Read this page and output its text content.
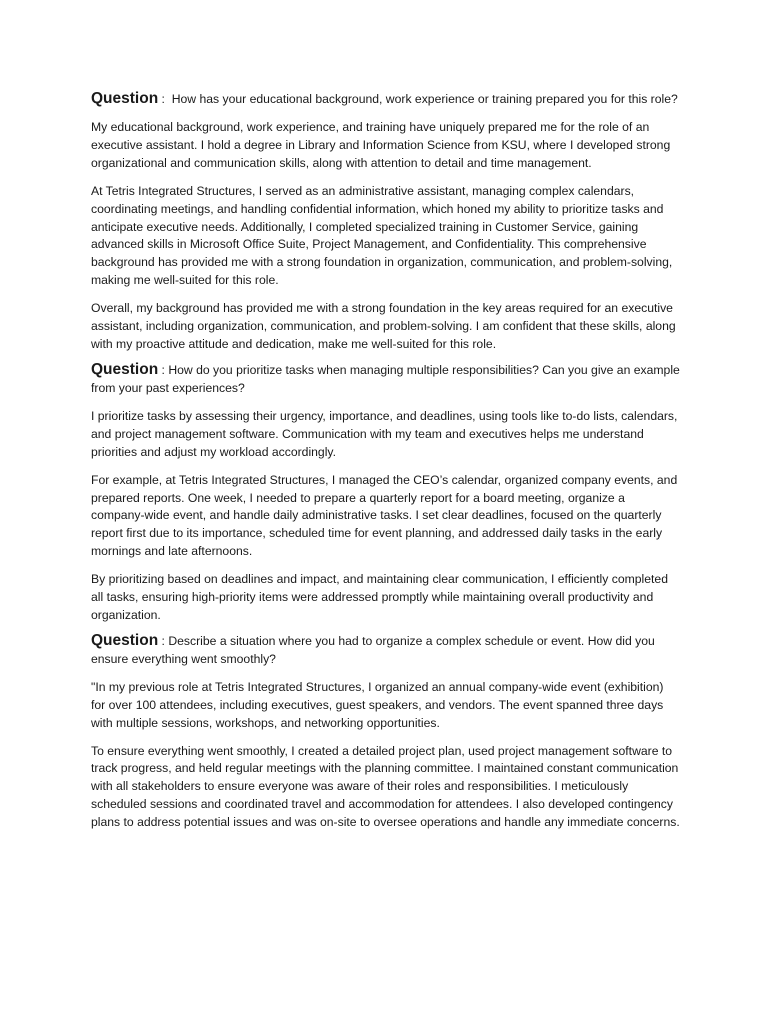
Question :  How has your educational background, work experience or training prepared you for this role?

My educational background, work experience, and training have uniquely prepared me for the role of an executive assistant. I hold a degree in Library and Information Science from KSU, where I developed strong organizational and communication skills, along with attention to detail and time management.

At Tetris Integrated Structures, I served as an administrative assistant, managing complex calendars, coordinating meetings, and handling confidential information, which honed my ability to prioritize tasks and anticipate executive needs. Additionally, I completed specialized training in Customer Service, gaining advanced skills in Microsoft Office Suite, Project Management, and Confidentiality. This comprehensive background has provided me with a strong foundation in organization, communication, and problem-solving, making me well-suited for this role.

Overall, my background has provided me with a strong foundation in the key areas required for an executive assistant, including organization, communication, and problem-solving. I am confident that these skills, along with my proactive attitude and dedication, make me well-suited for this role.

Question : How do you prioritize tasks when managing multiple responsibilities? Can you give an example from your past experiences?

I prioritize tasks by assessing their urgency, importance, and deadlines, using tools like to-do lists, calendars, and project management software. Communication with my team and executives helps me understand priorities and adjust my workload accordingly.

For example, at Tetris Integrated Structures, I managed the CEO’s calendar, organized company events, and prepared reports. One week, I needed to prepare a quarterly report for a board meeting, organize a company-wide event, and handle daily administrative tasks. I set clear deadlines, focused on the quarterly report first due to its importance, scheduled time for event planning, and addressed daily tasks in the early mornings and late afternoons.

By prioritizing based on deadlines and impact, and maintaining clear communication, I efficiently completed all tasks, ensuring high-priority items were addressed promptly while maintaining overall productivity and organization.

Question : Describe a situation where you had to organize a complex schedule or event. How did you ensure everything went smoothly?

"In my previous role at Tetris Integrated Structures, I organized an annual company-wide event (exhibition) for over 100 attendees, including executives, guest speakers, and vendors. The event spanned three days with multiple sessions, workshops, and networking opportunities.

To ensure everything went smoothly, I created a detailed project plan, used project management software to track progress, and held regular meetings with the planning committee. I maintained constant communication with all stakeholders to ensure everyone was aware of their roles and responsibilities. I meticulously scheduled sessions and coordinated travel and accommodation for attendees. I also developed contingency plans to address potential issues and was on-site to oversee operations and handle any immediate concerns.
